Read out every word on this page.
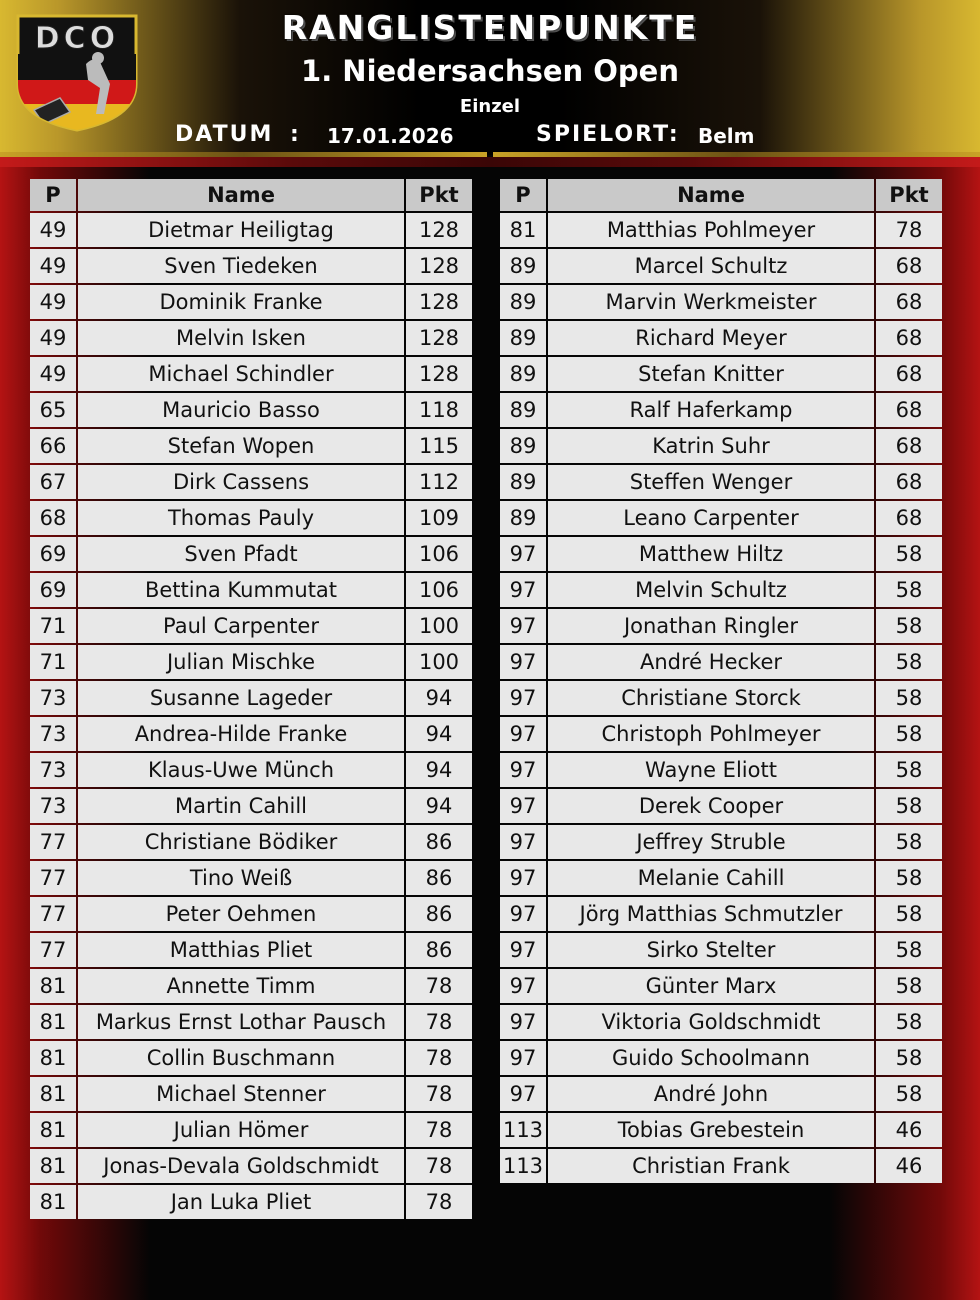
DCO	RANGLISTENPUNKTE
1. Niedersachsen Open
Einzel
DATUM : 17.01.2026	SPIELORT: Belm
P	Name	Pkt
49	Dietmar Heiligtag	128
49	Sven Tiedeken	128
49	Dominik Franke	128
49	Melvin Isken	128
49	Michael Schindler	128
65	Mauricio Basso	118
66	Stefan Wopen	115
67	Dirk Cassens	112
68	Thomas Pauly	109
69	Sven Pfadt	106
69	Bettina Kummutat	106
71	Paul Carpenter	100
71	Julian Mischke	100
73	Susanne Lageder	94
73	Andrea-Hilde Franke	94
73	Klaus-Uwe Münch	94
73	Martin Cahill	94
77	Christiane Bödiker	86
77	Tino Weiß	86
77	Peter Oehmen	86
77	Matthias Pliet	86
81	Annette Timm	78
81	Markus Ernst Lothar Pausch	78
81	Collin Buschmann	78
81	Michael Stenner	78
81	Julian Hömer	78
81	Jonas-Devala Goldschmidt	78
81	Jan Luka Pliet	78
P	Name	Pkt
81	Matthias Pohlmeyer	78
89	Marcel Schultz	68
89	Marvin Werkmeister	68
89	Richard Meyer	68
89	Stefan Knitter	68
89	Ralf Haferkamp	68
89	Katrin Suhr	68
89	Steffen Wenger	68
89	Leano Carpenter	68
97	Matthew Hiltz	58
97	Melvin Schultz	58
97	Jonathan Ringler	58
97	André Hecker	58
97	Christiane Storck	58
97	Christoph Pohlmeyer	58
97	Wayne Eliott	58
97	Derek Cooper	58
97	Jeffrey Struble	58
97	Melanie Cahill	58
97	Jörg Matthias Schmutzler	58
97	Sirko Stelter	58
97	Günter Marx	58
97	Viktoria Goldschmidt	58
97	Guido Schoolmann	58
97	André John	58
113	Tobias Grebestein	46
113	Christian Frank	46
